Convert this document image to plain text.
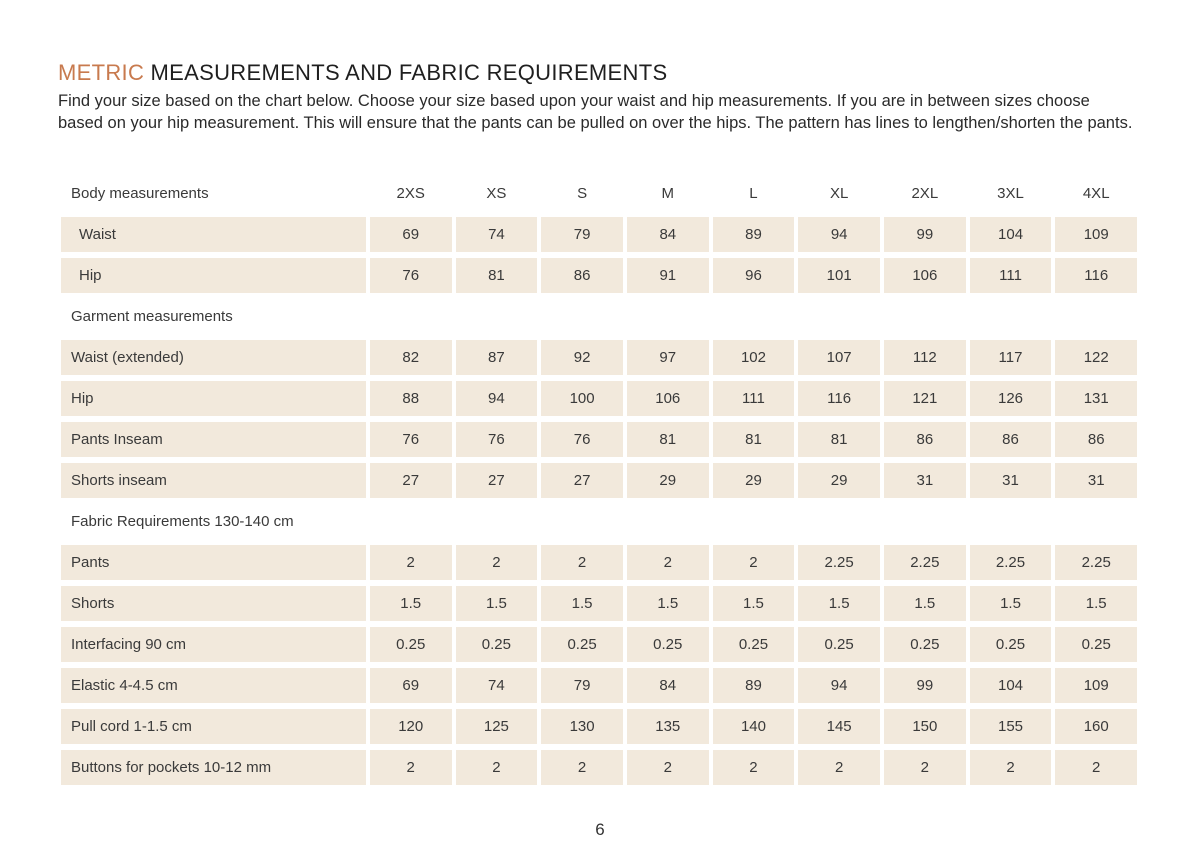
METRIC MEASUREMENTS AND FABRIC REQUIREMENTS

Find your size based on the chart below. Choose your size based upon your waist and hip measurements. If you are in between sizes choose based on your hip measurement. This will ensure that the pants can be pulled on over the hips. The pattern has lines to lengthen/shorten the pants.

Body measurements	2XS	XS	S	M	L	XL	2XL	3XL	4XL
Waist	69	74	79	84	89	94	99	104	109
Hip	76	81	86	91	96	101	106	111	116
Garment measurements
Waist (extended)	82	87	92	97	102	107	112	117	122
Hip	88	94	100	106	111	116	121	126	131
Pants Inseam	76	76	76	81	81	81	86	86	86
Shorts inseam	27	27	27	29	29	29	31	31	31
Fabric Requirements 130-140 cm
Pants	2	2	2	2	2	2.25	2.25	2.25	2.25
Shorts	1.5	1.5	1.5	1.5	1.5	1.5	1.5	1.5	1.5
Interfacing 90 cm	0.25	0.25	0.25	0.25	0.25	0.25	0.25	0.25	0.25
Elastic 4-4.5 cm	69	74	79	84	89	94	99	104	109
Pull cord 1-1.5 cm	120	125	130	135	140	145	150	155	160
Buttons for pockets 10-12 mm	2	2	2	2	2	2	2	2	2
6
